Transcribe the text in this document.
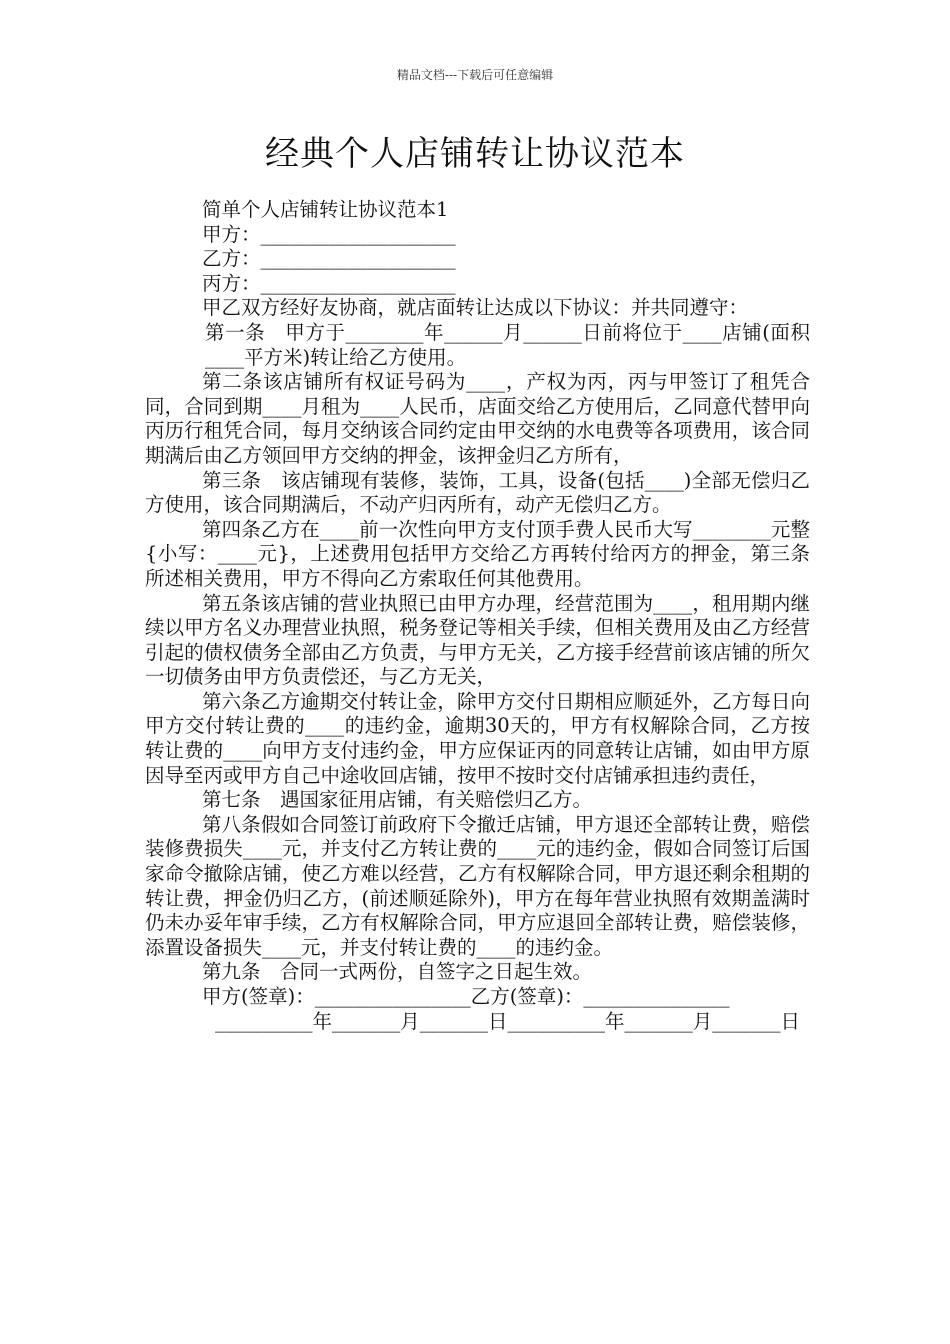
精品文档---下载后可任意编辑
经典个人店铺转让协议范本

简单个人店铺转让协议范本1

甲方：____________________

乙方：____________________

丙方：____________________

甲乙双方经好友协商，就店面转让达成以下协议：并共同遵守：

第一条　甲方于________年______月______日前将位于____店铺(面积____平方米)转让给乙方使用。

第二条该店铺所有权证号码为____，产权为丙，丙与甲签订了租凭合同，合同到期____月租为____人民币，店面交给乙方使用后，乙同意代替甲向丙历行租凭合同，每月交纳该合同约定由甲交纳的水电费等各项费用，该合同期满后由乙方领回甲方交纳的押金，该押金归乙方所有，

第三条　该店铺现有装修，装饰，工具，设备(包括____)全部无偿归乙方使用，该合同期满后，不动产归丙所有，动产无偿归乙方。

第四条乙方在____前一次性向甲方支付顶手费人民币大写________元整{小写：____元}，上述费用包括甲方交给乙方再转付给丙方的押金，第三条所述相关费用，甲方不得向乙方索取任何其他费用。

第五条该店铺的营业执照已由甲方办理，经营范围为____，租用期内继续以甲方名义办理营业执照，税务登记等相关手续，但相关费用及由乙方经营引起的债权债务全部由乙方负责，与甲方无关，乙方接手经营前该店铺的所欠一切债务由甲方负责偿还，与乙方无关，

第六条乙方逾期交付转让金，除甲方交付日期相应顺延外，乙方每日向甲方交付转让费的____的违约金，逾期30天的，甲方有权解除合同，乙方按转让费的____向甲方支付违约金，甲方应保证丙的同意转让店铺，如由甲方原因导至丙或甲方自己中途收回店铺，按甲不按时交付店铺承担违约责任，

第七条　遇国家征用店铺，有关赔偿归乙方。

第八条假如合同签订前政府下令撤迁店铺，甲方退还全部转让费，赔偿装修费损失____元，并支付乙方转让费的____元的违约金，假如合同签订后国家命令撤除店铺，使乙方难以经营，乙方有权解除合同，甲方退还剩余租期的转让费，押金仍归乙方，(前述顺延除外)，甲方在每年营业执照有效期盖满时仍未办妥年审手续，乙方有权解除合同，甲方应退回全部转让费，赔偿装修，添置设备损失____元，并支付转让费的____的违约金。

第九条　合同一式两份，自签字之日起生效。

甲方(签章)：________________乙方(签章)：_______________

__________年_______月_______日__________年_______月_______日
